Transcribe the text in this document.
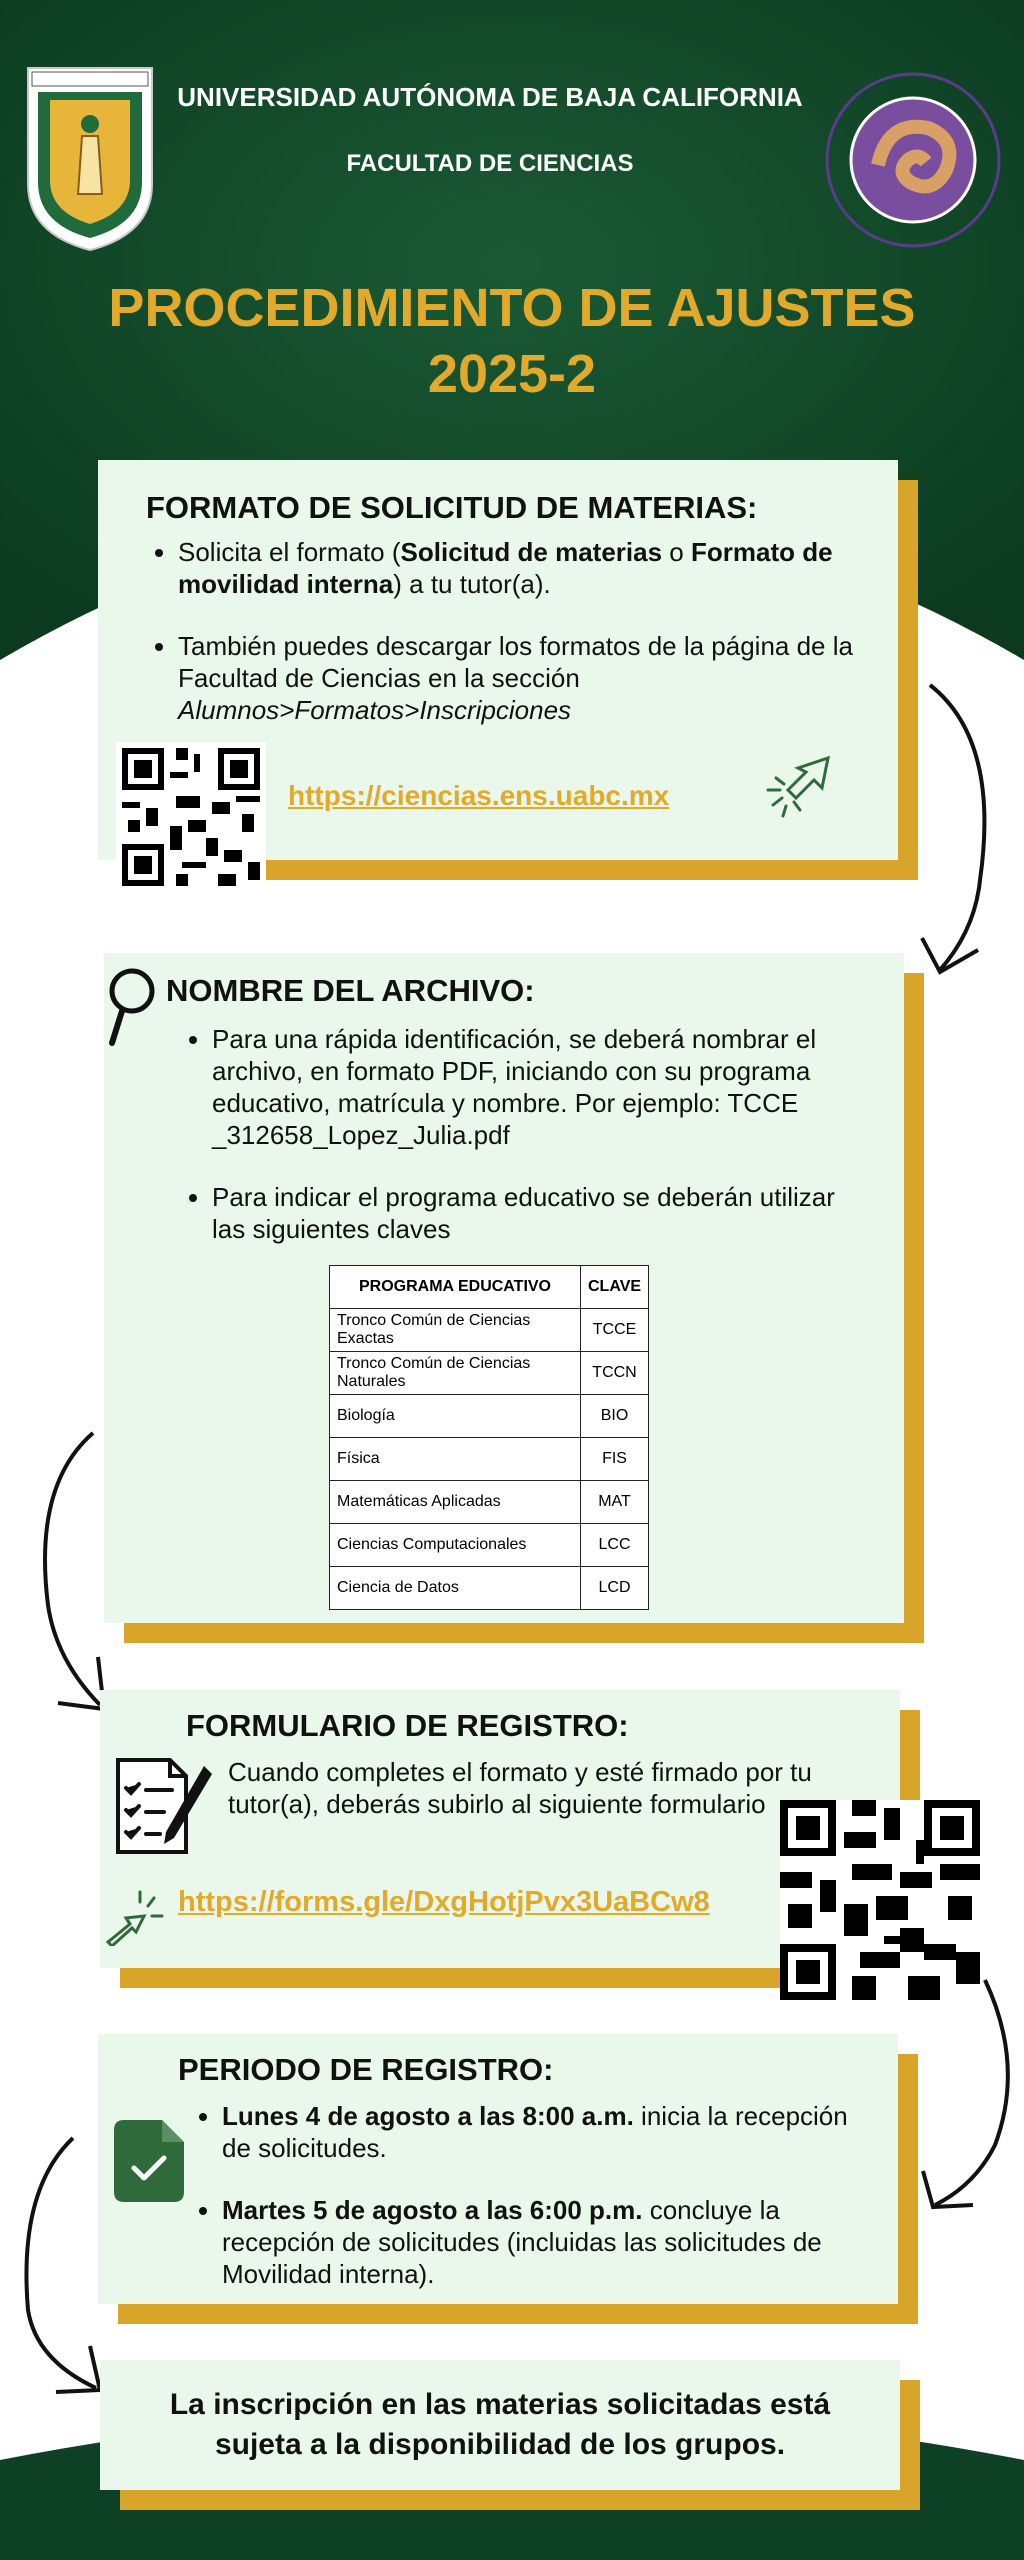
UNIVERSIDAD AUTÓNOMA DE BAJA CALIFORNIA
FACULTAD DE CIENCIAS
PROCEDIMIENTO DE AJUSTES
2025-2
FORMATO DE SOLICITUD DE MATERIAS:
• Solicita el formato (Solicitud de materias o Formato de movilidad interna) a tu tutor(a).
• También puedes descargar los formatos de la página de la Facultad de Ciencias en la sección Alumnos>Formatos>Inscripciones
https://ciencias.ens.uabc.mx
NOMBRE DEL ARCHIVO:
• Para una rápida identificación, se deberá nombrar el archivo, en formato PDF, iniciando con su programa educativo, matrícula y nombre. Por ejemplo: TCCE _312658_Lopez_Julia.pdf
• Para indicar el programa educativo se deberán utilizar las siguientes claves
PROGRAMA EDUCATIVO	CLAVE
Tronco Común de Ciencias Exactas	TCCE
Tronco Común de Ciencias Naturales	TCCN
Biología	BIO
Física	FIS
Matemáticas Aplicadas	MAT
Ciencias Computacionales	LCC
Ciencia de Datos	LCD
FORMULARIO DE REGISTRO:
Cuando completes el formato y esté firmado por tu tutor(a), deberás subirlo al siguiente formulario
https://forms.gle/DxgHotjPvx3UaBCw8
PERIODO DE REGISTRO:
• Lunes 4 de agosto a las 8:00 a.m. inicia la recepción de solicitudes.
• Martes 5 de agosto a las 6:00 p.m. concluye la recepción de solicitudes (incluidas las solicitudes de Movilidad interna).
La inscripción en las materias solicitadas está sujeta a la disponibilidad de los grupos.
